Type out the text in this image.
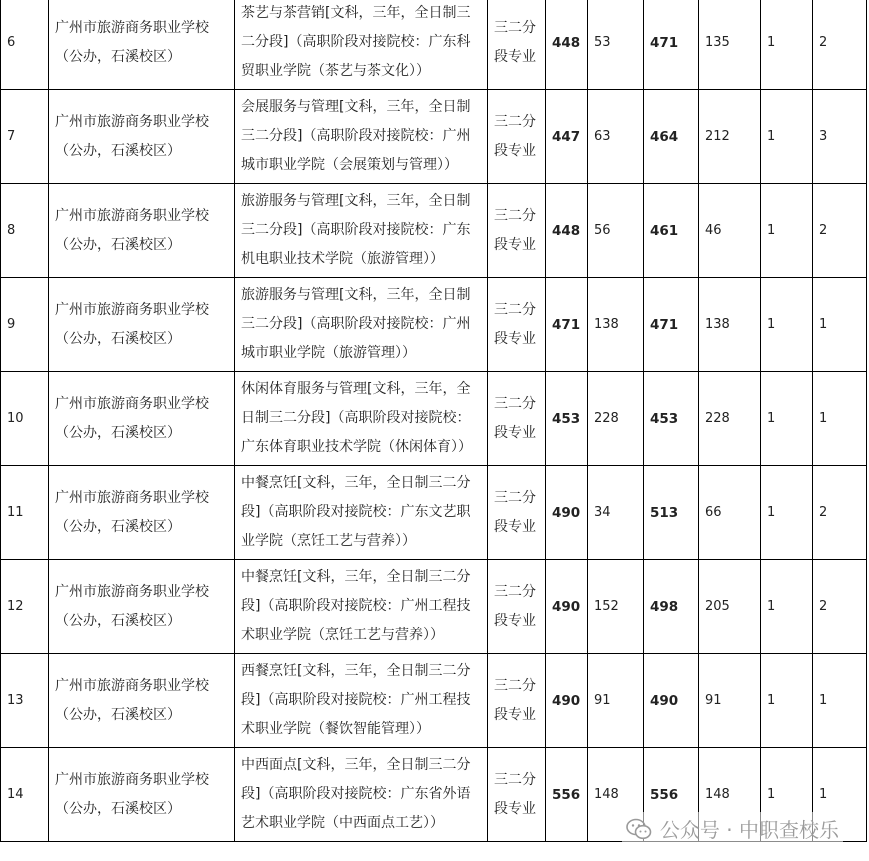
6	广州市旅游商务职业学校（公办，石溪校区）	茶艺与茶营销[文科，三年，全日制三二分段]（高职阶段对接院校：广东科贸职业学院（茶艺与茶文化））	三二分段专业	448	53	471	135	1	2
7	广州市旅游商务职业学校（公办，石溪校区）	会展服务与管理[文科，三年，全日制三二分段]（高职阶段对接院校：广州城市职业学院（会展策划与管理））	三二分段专业	447	63	464	212	1	3
8	广州市旅游商务职业学校（公办，石溪校区）	旅游服务与管理[文科，三年，全日制三二分段]（高职阶段对接院校：广东机电职业技术学院（旅游管理））	三二分段专业	448	56	461	46	1	2
9	广州市旅游商务职业学校（公办，石溪校区）	旅游服务与管理[文科，三年，全日制三二分段]（高职阶段对接院校：广州城市职业学院（旅游管理））	三二分段专业	471	138	471	138	1	1
10	广州市旅游商务职业学校（公办，石溪校区）	休闲体育服务与管理[文科，三年，全日制三二分段]（高职阶段对接院校：广东体育职业技术学院（休闲体育））	三二分段专业	453	228	453	228	1	1
11	广州市旅游商务职业学校（公办，石溪校区）	中餐烹饪[文科，三年，全日制三二分段]（高职阶段对接院校：广东文艺职业学院（烹饪工艺与营养））	三二分段专业	490	34	513	66	1	2
12	广州市旅游商务职业学校（公办，石溪校区）	中餐烹饪[文科，三年，全日制三二分段]（高职阶段对接院校：广州工程技术职业学院（烹饪工艺与营养））	三二分段专业	490	152	498	205	1	2
13	广州市旅游商务职业学校（公办，石溪校区）	西餐烹饪[文科，三年，全日制三二分段]（高职阶段对接院校：广州工程技术职业学院（餐饮智能管理））	三二分段专业	490	91	490	91	1	1
14	广州市旅游商务职业学校（公办，石溪校区）	中西面点[文科，三年，全日制三二分段]（高职阶段对接院校：广东省外语艺术职业学院（中西面点工艺））	三二分段专业	556	148	556	148	1	1
公众号 · 中职查校乐
